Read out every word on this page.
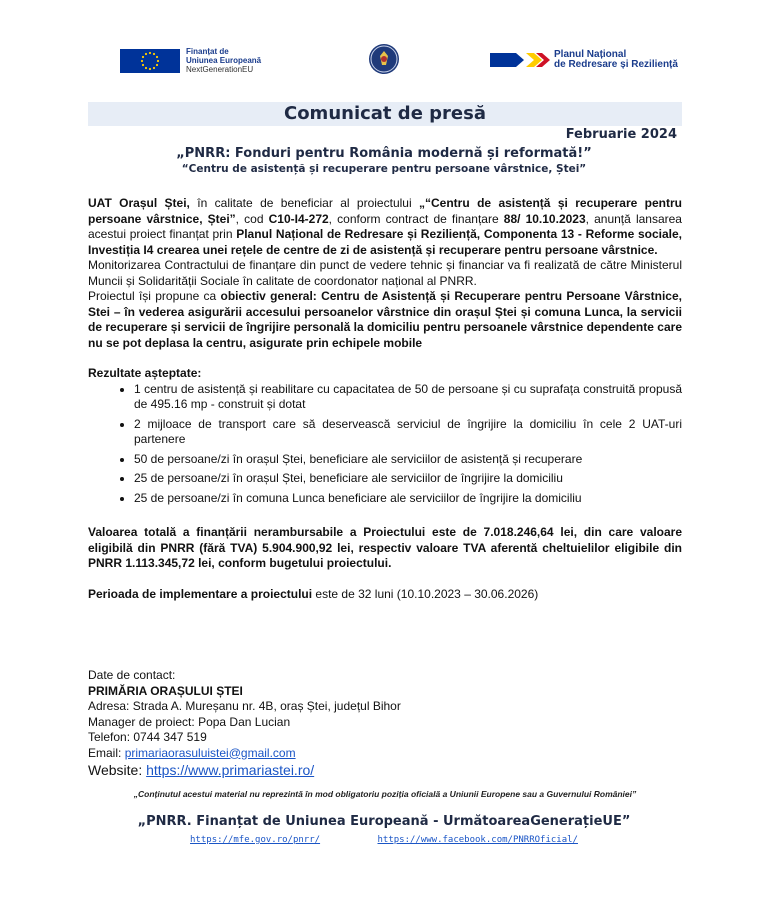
Finanțat de
Uniunea Europeană
NextGenerationEU
Planul Național
de Redresare și Reziliență
Comunicat de presă
Februarie 2024
„PNRR: Fonduri pentru România modernă și reformată!”
“Centru de asistență și recuperare pentru persoane vârstnice, Ștei”

UAT Orașul Ștei, în calitate de beneficiar al proiectului „“Centru de asistență și recuperare pentru persoane vârstnice, Ștei”, cod C10-I4-272, conform contract de finanțare 88/ 10.10.2023, anunță lansarea acestui proiect finanțat prin Planul Național de Redresare și Reziliență, Componenta 13 - Reforme sociale, Investiția I4 crearea unei rețele de centre de zi de asistență și recuperare pentru persoane vârstnice.

Monitorizarea Contractului de finanțare din punct de vedere tehnic și financiar va fi realizată de către Ministerul Muncii și Solidarității Sociale în calitate de coordonator național al PNRR.

Proiectul își propune ca obiectiv general: Centru de Asistență și Recuperare pentru Persoane Vârstnice, Stei – în vederea asigurării accesului persoanelor vârstnice din orașul Ștei și comuna Lunca, la servicii de recuperare și servicii de îngrijire personală la domiciliu pentru persoanele vârstnice dependente care nu se pot deplasa la centru, asigurate prin echipele mobile

Rezultate așteptate:

• 1 centru de asistență și reabilitare cu capacitatea de 50 de persoane și cu suprafața construită propusă de 495.16 mp - construit și dotat
• 2 mijloace de transport care să deservească serviciul de îngrijire la domiciliu în cele 2 UAT-uri partenere
• 50 de persoane/zi în orașul Ștei, beneficiare ale serviciilor de asistență și recuperare
• 25 de persoane/zi în orașul Ștei, beneficiare ale serviciilor de îngrijire la domiciliu
• 25 de persoane/zi în comuna Lunca beneficiare ale serviciilor de îngrijire la domiciliu

Valoarea totală a finanțării nerambursabile a Proiectului este de 7.018.246,64 lei, din care valoare eligibilă din PNRR (fără TVA) 5.904.900,92 lei, respectiv valoare TVA aferentă cheltuielilor eligibile din PNRR 1.113.345,72 lei, conform bugetului proiectului.

Perioada de implementare a proiectului este de 32 luni (10.10.2023 – 30.06.2026)

Date de contact:
PRIMĂRIA ORAȘULUI ȘTEI
Adresa: Strada A. Mureșanu nr. 4B, oraș Ștei, județul Bihor
Manager de proiect: Popa Dan Lucian
Telefon: 0744 347 519
Email: primariaorasuluistei@gmail.com
Website: https://www.primariastei.ro/
„Conținutul acestui material nu reprezintă în mod obligatoriu poziția oficială a Uniunii Europene sau a Guvernului României”
„PNRR. Finanțat de Uniunea Europeană - UrmătoareaGenerațieUE”
https://mfe.gov.ro/pnrr/	https://www.facebook.com/PNRROficial/
